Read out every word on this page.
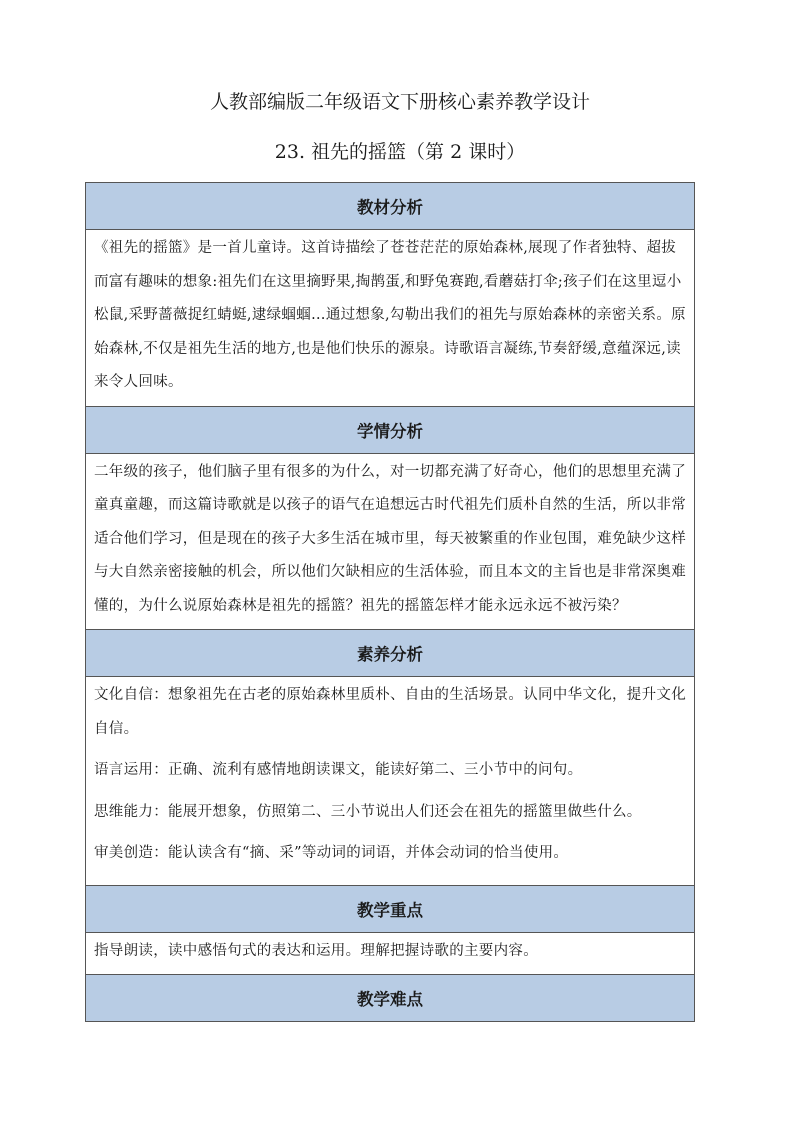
人教部编版二年级语文下册核心素养教学设计
23. 祖先的摇篮（第 2 课时）
教材分析

《祖先的摇篮》是一首儿童诗。这首诗描绘了苍苍茫茫的原始森林,展现了作者独特、超拔而富有趣味的想象:祖先们在这里摘野果,掏鹊蛋,和野兔赛跑,看蘑菇打伞;孩子们在这里逗小松鼠,采野蔷薇捉红蜻蜓,逮绿蝈蝈…通过想象,勾勒出我们的祖先与原始森林的亲密关系。原始森林,不仅是祖先生活的地方,也是他们快乐的源泉。诗歌语言凝练,节奏舒缓,意蕴深远,读来令人回味。

学情分析

二年级的孩子，他们脑子里有很多的为什么，对一切都充满了好奇心，他们的思想里充满了童真童趣，而这篇诗歌就是以孩子的语气在追想远古时代祖先们质朴自然的生活，所以非常适合他们学习，但是现在的孩子大多生活在城市里，每天被繁重的作业包围，难免缺少这样与大自然亲密接触的机会，所以他们欠缺相应的生活体验，而且本文的主旨也是非常深奥难懂的，为什么说原始森林是祖先的摇篮？祖先的摇篮怎样才能永远永远不被污染？

素养分析

文化自信：想象祖先在古老的原始森林里质朴、自由的生活场景。认同中华文化，提升文化自信。

语言运用：正确、流利有感情地朗读课文，能读好第二、三小节中的问句。

思维能力：能展开想象，仿照第二、三小节说出人们还会在祖先的摇篮里做些什么。

审美创造：能认读含有“摘、采”等动词的词语，并体会动词的恰当使用。

教学重点

指导朗读，读中感悟句式的表达和运用。理解把握诗歌的主要内容。

教学难点
